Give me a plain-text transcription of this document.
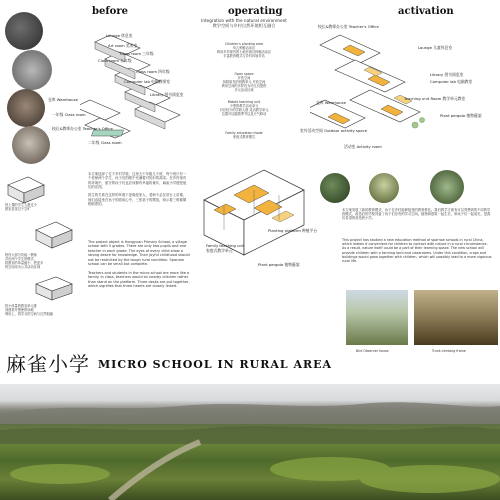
before	operating	activation
Lounge 休息室
Art room 美术室
Class room 三年级
Class room 五年级
Class room 四年级
Computer lab 电脑教师室
Library 图书阅览室
仓库 Warehouse
一年级 Class room
校长&教师办公室 Teacher's Office
二年级 Class room
Integration with the natural environment
教学空间与乡村自然环境相互融合
Children's planting area
幼儿种植活动区
利用乡村现有的土地开辟自种植活动区
丰富教育模式与乡村环境对话
Open space
开放空间
拆除原先的班教单元 开放空间
利用空间的多样性为幼儿们提供
多元活动区域
Mobile teaching unit
小型的教学活动单元
对应较少的学龄人数 灵活教学单元
位置可以随着季节以及天气移动
Family education mode
家庭式教育模式
校长&教师办公室 Teacher's Office
Lounge 儿童休息室
Library 图书阅览室
Computer lab 电脑教室
仓库 Warehouse
Teaching unit Room 教学单元教室
室外活动空间 Outdoor activity space
Plant pergola 植物藤架
活动室 Activity room
因上课的学生人数过少
教室显得过于空旷
校内大部分功能一教师
对应两个学生的模式，
将教室的单量缩小，把更多
的空间用为公共活动区域
将小体量的教室单元排
到建筑外围使的场地
利用上，将学习的空间与自然相融
本方案选择了位于乡村学校，这里五个年级几个班，每个班只有一个老师两个学生，孩子们的眼中充满着对知识的渴求。在乡村现有的环境中，留守的孩子们也应该拥有幸福的童年，麻雀小学便是他们的乐园。

将生的关系在这样的环境下更像是家人，老师不必在讲台上讲课，他们直接坐在孩子的面前心中，三张桌子的摆放，暗示着三般紧紧相联系的。
The project object is Hongyuan Primary School, a village school with 5 grades. There are only two pupils and one teacher in each grade. The eyes of every child show a strong desire for knowledge. Their joyful childhood should not be restricted by the tough rural condition. Sparrow school can be small but complete.

Teachers and students in the micro school are more like a family. In class, teachers would sit nearby children rather than stand on the platform. Three desks are put together, which signifies that three hearts are closely linked.
Planting platform 种植平台
Family teaching unit
家庭式教学单元
Plant pergola 植物藤架
本方案发展了新的教育模式，孩子在乡村能够接受的教育教化。我们教学方面有可以剪想到的不同的学校模式，改造后的学校具备了孩子们应有的学习空间。植物和建筑一起生长，和孩子们一起成长，是我们希望的营造的小学。
This project has studied a new education method of sparrow schools in rural China, which makes it convenient for children to contact with nature in a rural circumstance. As a result, nature itself could be a part of their learning space. The new school will provide children with a farming land and classrooms. Under this condition, crops and buildings would grow together with children, which will possibly lead to a more vigorous rural life.
Bird Observer house	Trunk climbing frame
麻雀小学 MICRO SCHOOL IN RURAL AREA
